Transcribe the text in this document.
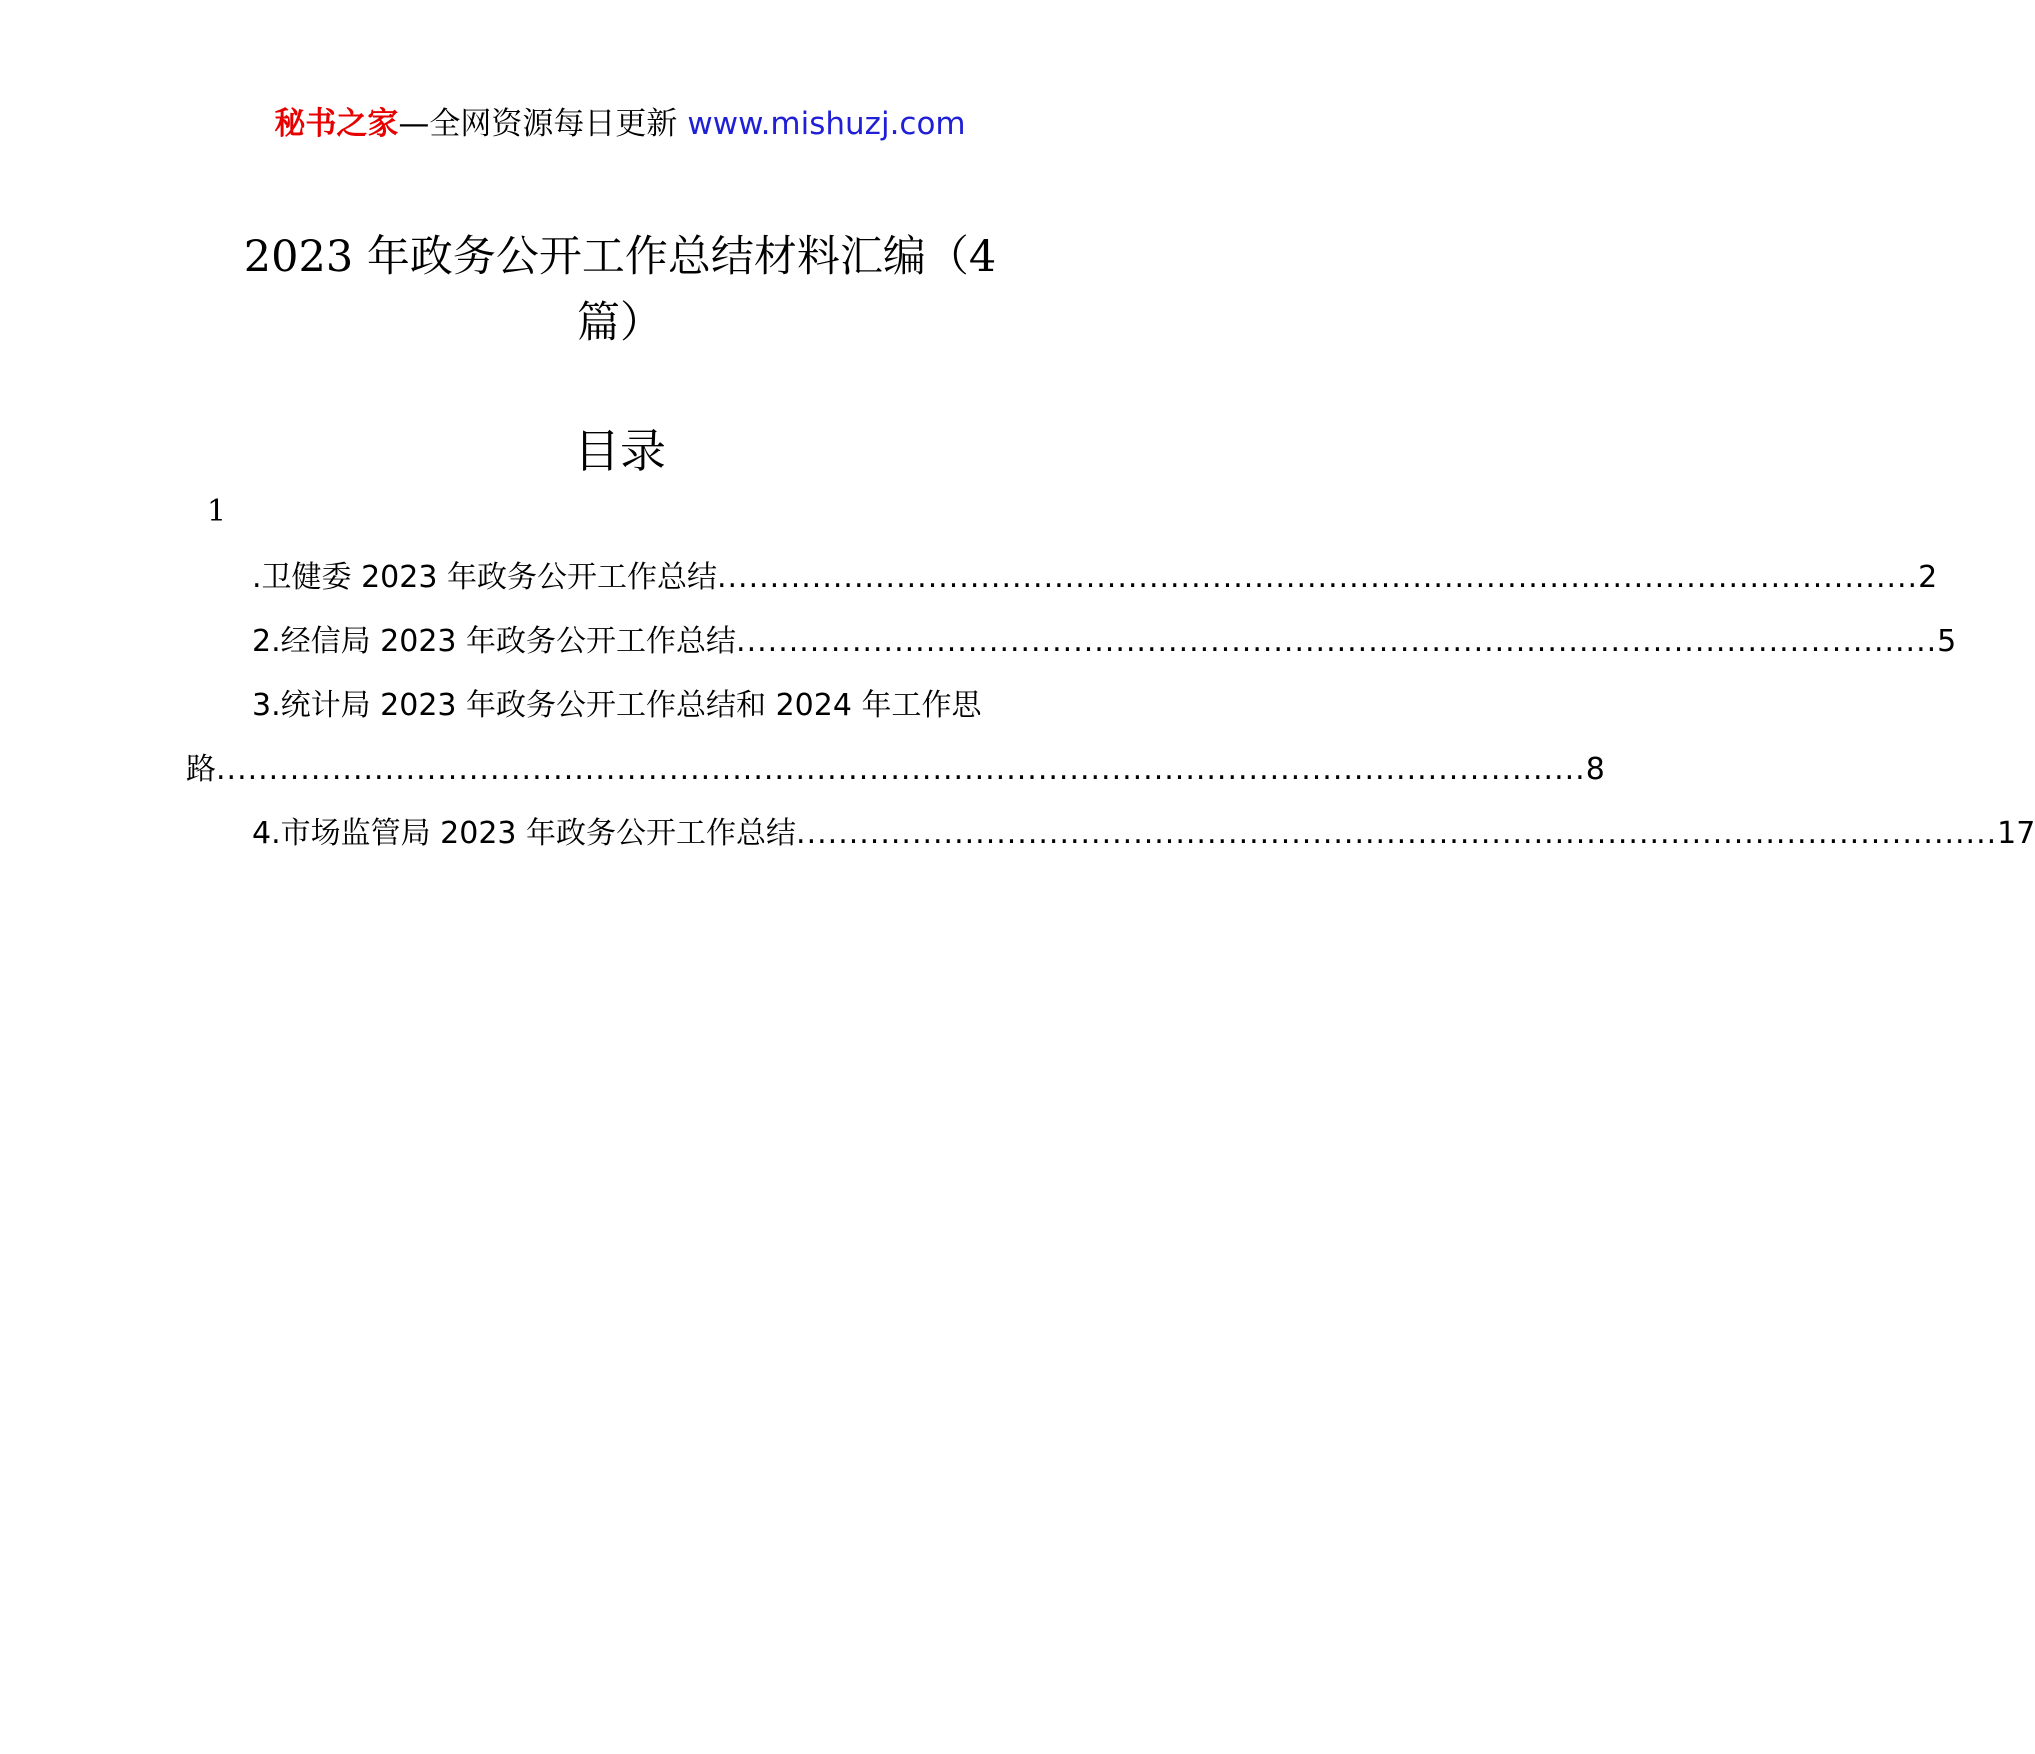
秘书之家—全网资源每日更新 www.mishuzj.com
2023 年政务公开工作总结材料汇编（4
篇）
目录
1
.卫健委 2023 年政务公开工作总结 .................................................................................................................. 2
2.经信局 2023 年政务公开工作总结 .................................................................................................................. 5
3.统计局 2023 年政务公开工作总结和 2024 年工作思
路 .................................................................................................................................. 8
4.市场监管局 2023 年政务公开工作总结 .................................................................................................................. 17
